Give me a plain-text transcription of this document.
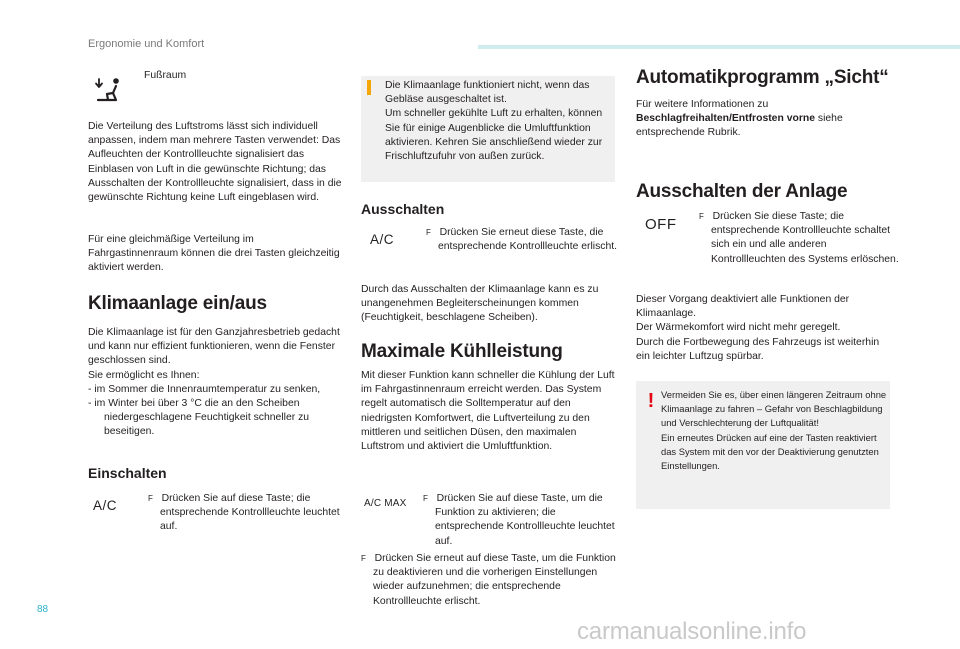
Ergonomie und Komfort
Fußraum

Die Verteilung des Luftstroms lässt sich individuell anpassen, indem man mehrere Tasten verwendet: Das Aufleuchten der Kontrollleuchte signalisiert das Einblasen von Luft in die gewünschte Richtung; das Ausschalten der Kontrollleuchte signalisiert, dass in die gewünschte Richtung keine Luft eingeblasen wird.

Für eine gleichmäßige Verteilung im Fahrgastinnenraum können die drei Tasten gleichzeitig aktiviert werden.

Klimaanlage ein/aus

Die Klimaanlage ist für den Ganzjahresbetrieb gedacht und kann nur effizient funktionieren, wenn die Fenster geschlossen sind.

Sie ermöglicht es Ihnen:

- im Sommer die Innenraumtemperatur zu senken,

- im Winter bei über 3 °C die an den Scheiben niedergeschlagene Feuchtigkeit schneller zu beseitigen.

Einschalten
A/C	F Drücken Sie auf diese Taste; die entsprechende Kontrollleuchte leuchtet auf.

Die Klimaanlage funktioniert nicht, wenn das Gebläse ausgeschaltet ist.

Um schneller gekühlte Luft zu erhalten, können Sie für einige Augenblicke die Umluftfunktion aktivieren. Kehren Sie anschließend wieder zur Frischluftzufuhr von außen zurück.

Ausschalten
A/C	F Drücken Sie erneut diese Taste, die entsprechende Kontrollleuchte erlischt.

Durch das Ausschalten der Klimaanlage kann es zu unangenehmen Begleiterscheinungen kommen (Feuchtigkeit, beschlagene Scheiben).

Maximale Kühlleistung

Mit dieser Funktion kann schneller die Kühlung der Luft im Fahrgastinnenraum erreicht werden. Das System regelt automatisch die Solltemperatur auf den niedrigsten Komfortwert, die Luftverteilung zu den mittleren und seitlichen Düsen, den maximalen Luftstrom und aktiviert die Umluftfunktion.

A/C MAX F Drücken Sie auf diese Taste, um die Funktion zu aktivieren; die entsprechende Kontrollleuchte leuchtet auf.
F Drücken Sie erneut auf diese Taste, um die Funktion zu deaktivieren und die vorherigen Einstellungen wieder aufzunehmen; die entsprechende Kontrollleuchte erlischt.
Automatikprogramm „Sicht“

Für weitere Informationen zu
Beschlagfreihalten/Entfrosten vorne siehe entsprechende Rubrik.

Ausschalten der Anlage
OFF	F Drücken Sie diese Taste; die entsprechende Kontrollleuchte schaltet sich ein und alle anderen Kontrollleuchten des Systems erlöschen.

Dieser Vorgang deaktiviert alle Funktionen der Klimaanlage.

Der Wärmekomfort wird nicht mehr geregelt.

Durch die Fortbewegung des Fahrzeugs ist weiterhin ein leichter Luftzug spürbar.

! Vermeiden Sie es, über einen längeren Zeitraum ohne Klimaanlage zu fahren – Gefahr von Beschlagbildung und Verschlechterung der Luftqualität!

Ein erneutes Drücken auf eine der Tasten reaktiviert das System mit den vor der Deaktivierung genutzten Einstellungen.

88
carmanualsonline.info
